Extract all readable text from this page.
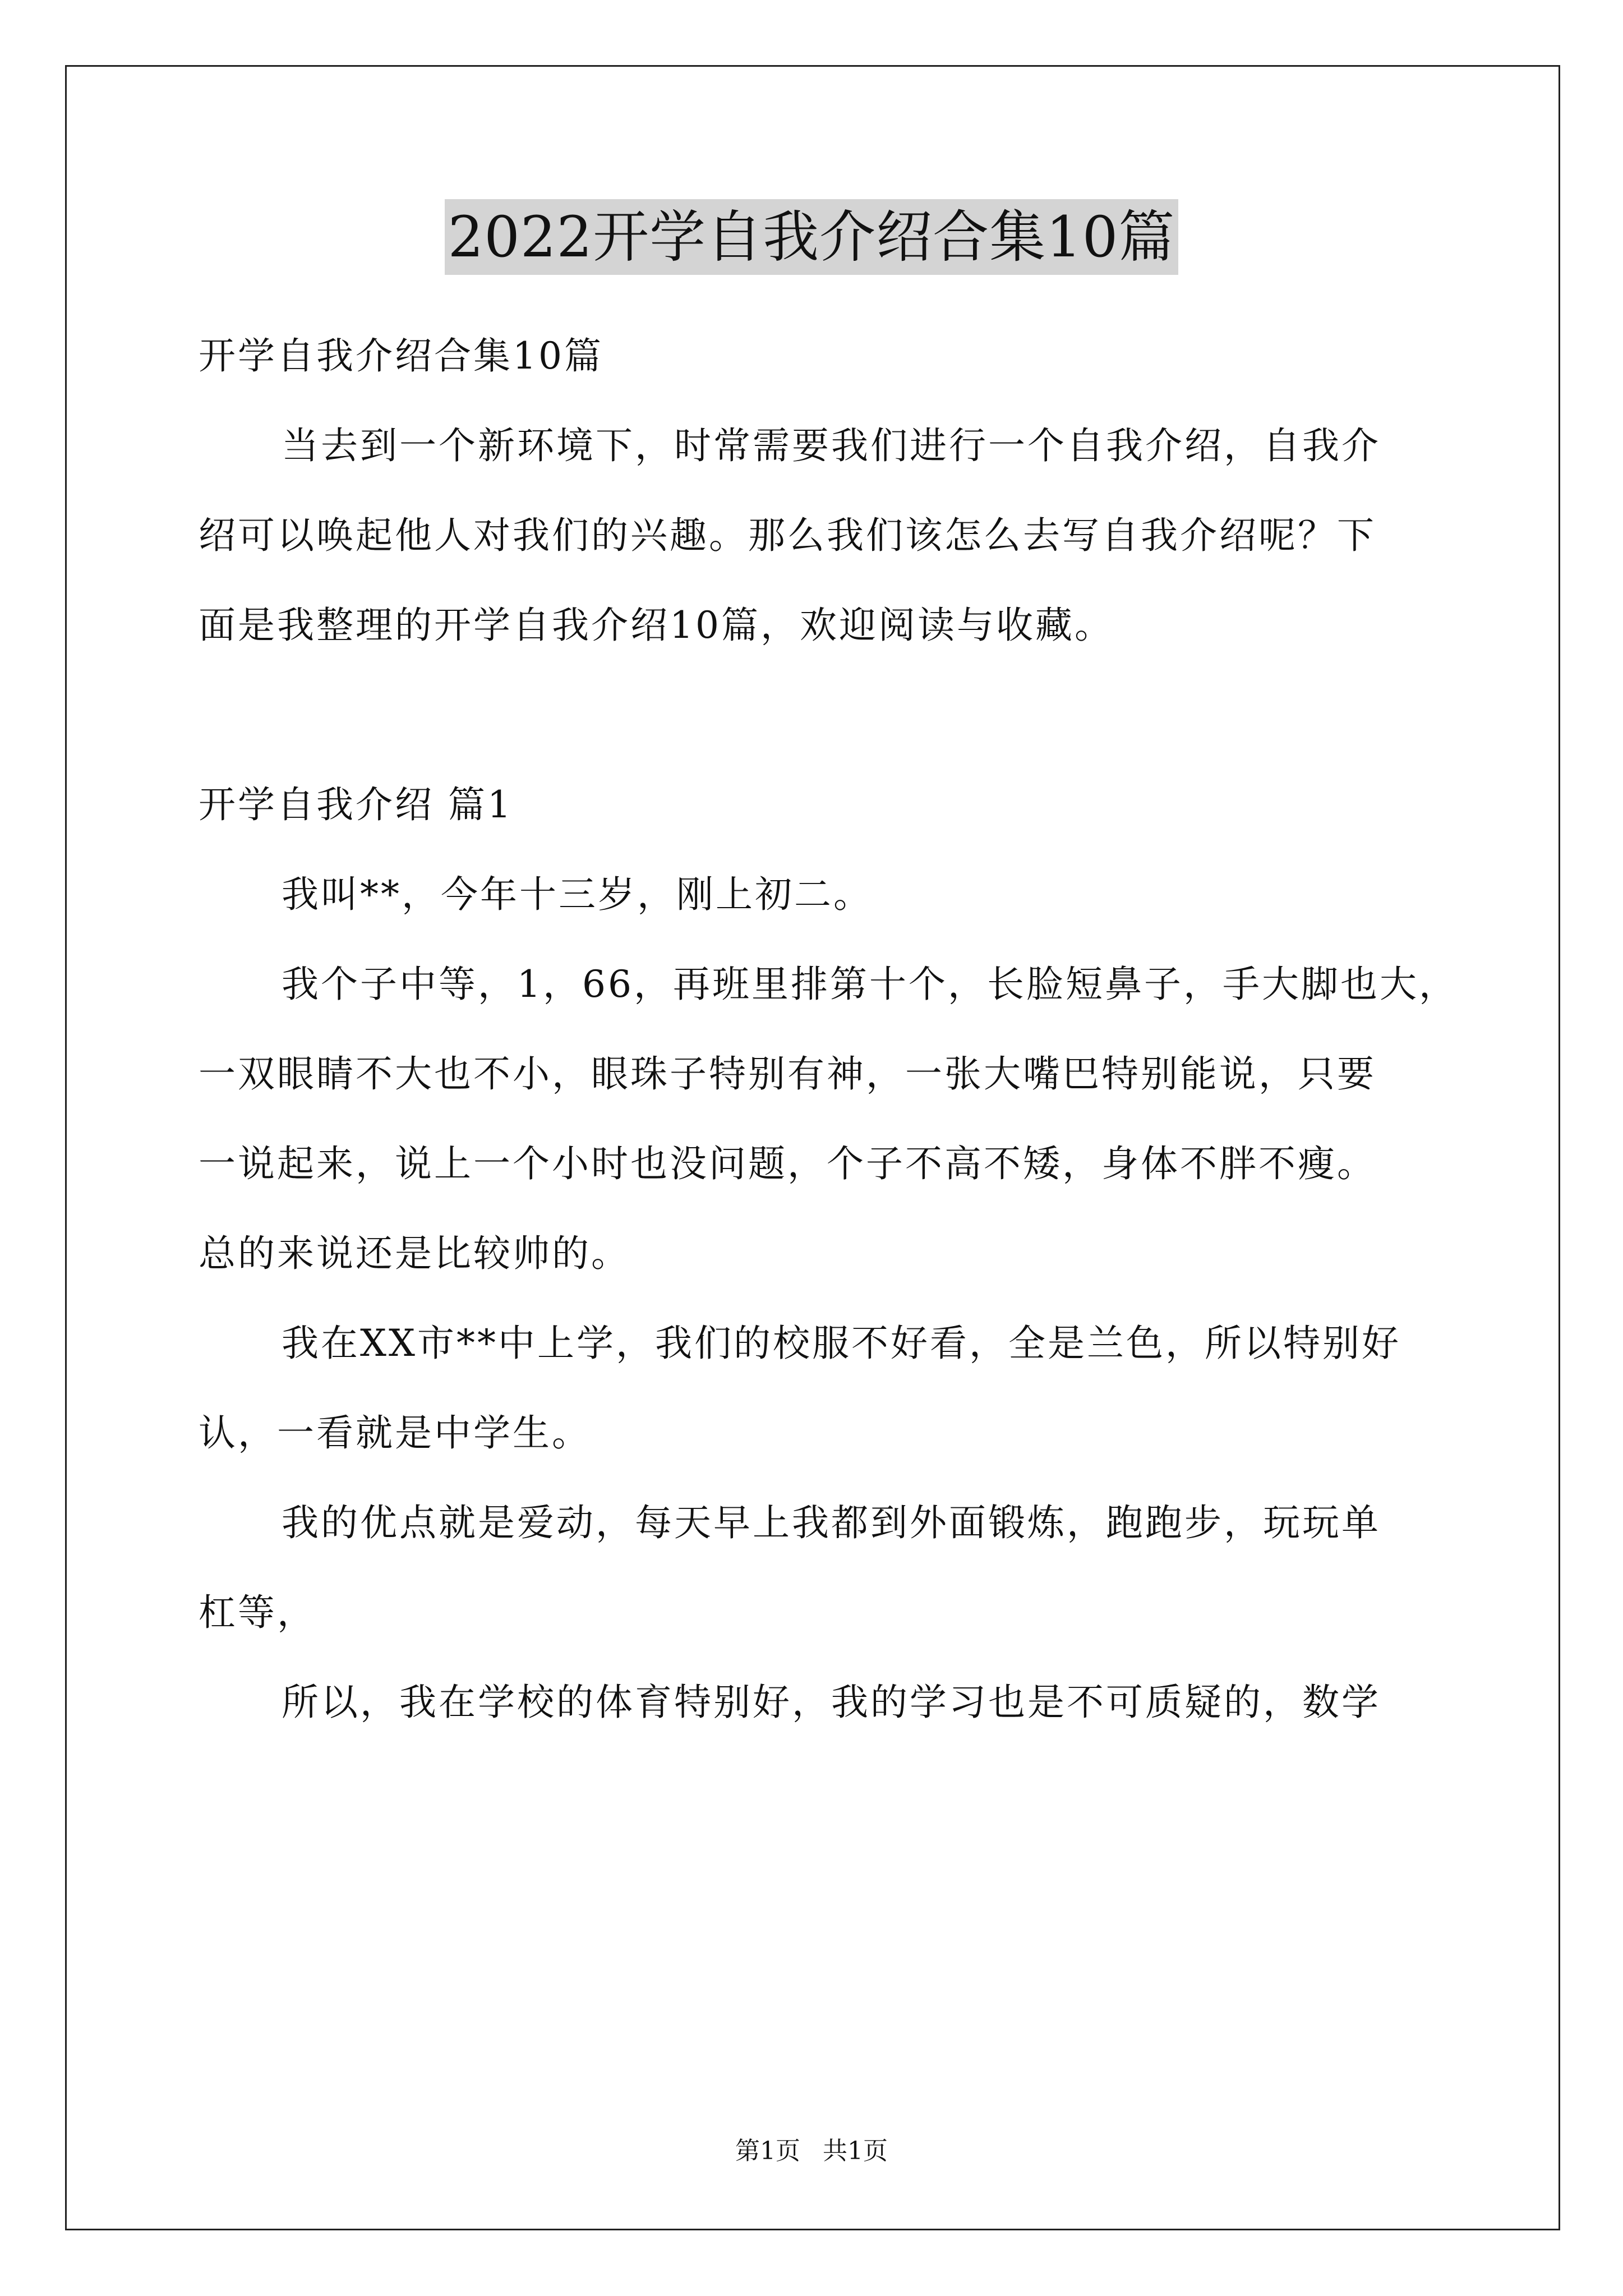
2022开学自我介绍合集10篇
开学自我介绍合集10篇
当去到一个新环境下，时常需要我们进行一个自我介绍，自我介
绍可以唤起他人对我们的兴趣。那么我们该怎么去写自我介绍呢？下
面是我整理的开学自我介绍10篇，欢迎阅读与收藏。
开学自我介绍 篇1
我叫**，今年十三岁，刚上初二。
我个子中等，1，66，再班里排第十个，长脸短鼻子，手大脚也大，
一双眼睛不大也不小，眼珠子特别有神，一张大嘴巴特别能说，只要
一说起来，说上一个小时也没问题，个子不高不矮，身体不胖不瘦。
总的来说还是比较帅的。
我在XX市**中上学，我们的校服不好看，全是兰色，所以特别好
认，一看就是中学生。
我的优点就是爱动，每天早上我都到外面锻炼，跑跑步，玩玩单
杠等，
所以，我在学校的体育特别好，我的学习也是不可质疑的，数学
第1页 共1页
